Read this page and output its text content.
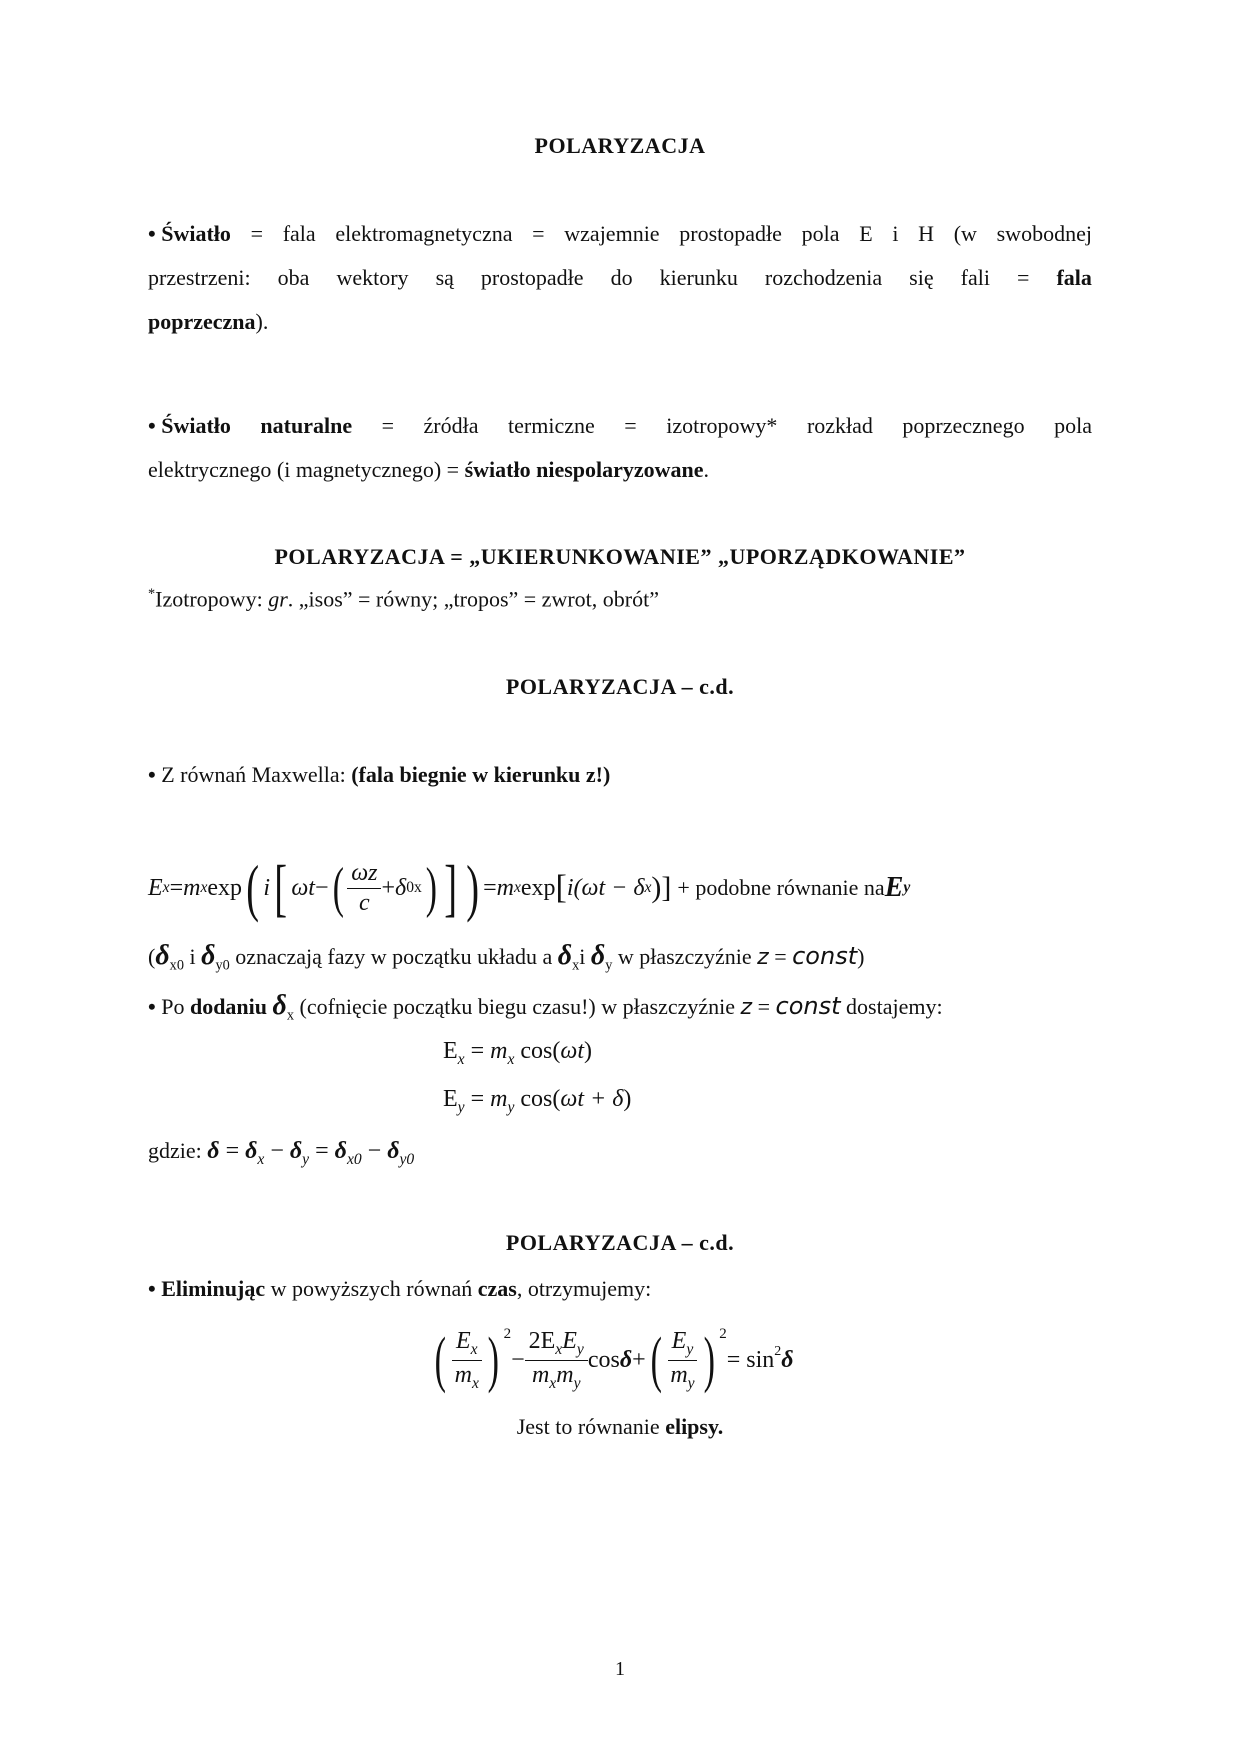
POLARYZACJA
• Światło = fala elektromagnetyczna = wzajemnie prostopadłe pola E i H (w swobodnej
przestrzeni: oba wektory są prostopadłe do kierunku rozchodzenia się fali = fala
poprzeczna).
• Światło naturalne = źródła termiczne = izotropowy* rozkład poprzecznego pola
elektrycznego (i magnetycznego) = światło niespolaryzowane.
POLARYZACJA = „UKIERUNKOWANIE” „UPORZĄDKOWANIE”
*Izotropowy: gr. „isos” = równy; „tropos” = zwrot, obrót”
POLARYZACJA – c.d.
• Z równań Maxwella: (fala biegnie w kierunku z!)
E x = m x exp ( i [ ωt − ( $\frac{\omega z}{c} + \delta$ 0x ) ] ) = m x exp [ i (ωt − δ x )] + podobne równanie na E y
($\delta_{x0}$ i $\delta_{y0}$ oznaczają fazy w początku układu a $\delta_xi$ $\delta_y$ w płaszczyźnie z = const)
• Po dodaniu $\delta_x$ (cofnięcie początku biegu czasu!) w płaszczyźnie z = const dostajemy:
$E_x = m_x$ cos(ωt)
$E_y = m_y$ cos(ωt + δ)
gdzie: $\delta = \delta_x - \delta_y = \delta_{x0} - \delta_{y0}$
POLARYZACJA – c.d.
• Eliminując w powyższych równań czas, otrzymujemy:
( $\frac{E_x}{m_x}$ ) $^2$
− $\frac{2E_xE_y}{m_xm_y}$ cos δ + ( $\frac{E_y}{m_y}$ ) $^2$
= $\sin^2 \delta$
Jest to równanie elipsy.
1
